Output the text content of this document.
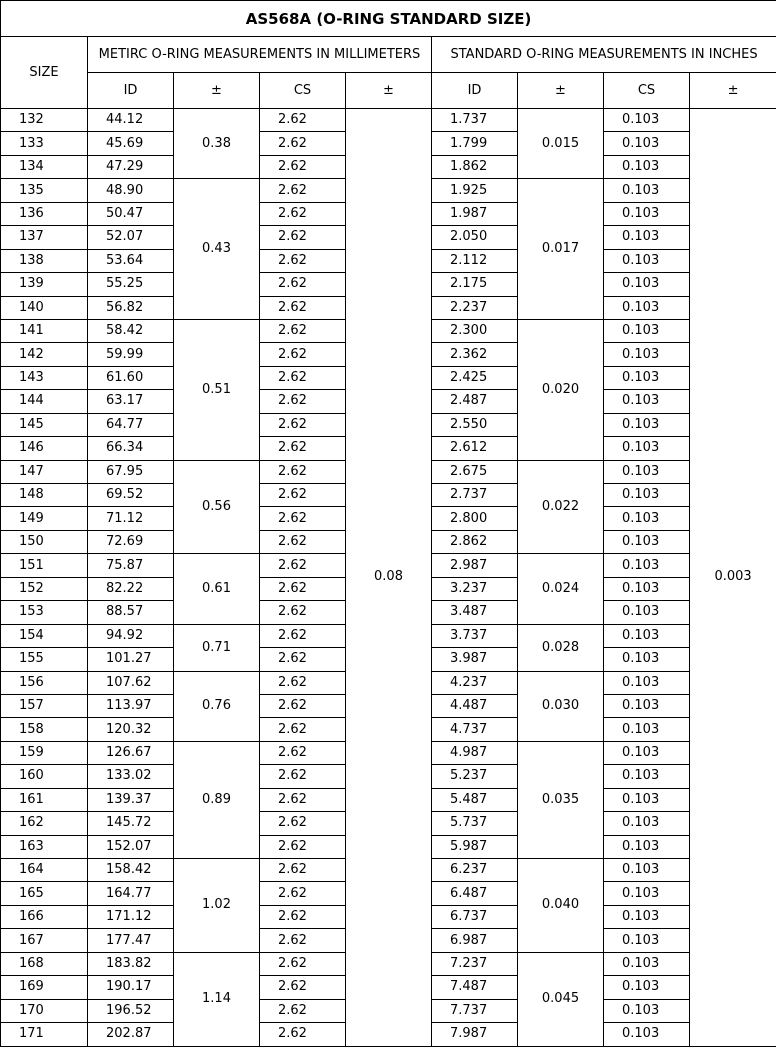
AS568A (O-RING STANDARD SIZE)								
SIZE	METIRC O-RING MEASUREMENTS IN MILLIMETERS				STANDARD O-RING MEASUREMENTS IN INCHES			
	ID	±	CS	±	ID	±	CS	±
132	44.12	0.38	2.62	0.08	1.737	0.015	0.103	0.003
133	45.69		2.62		1.799		0.103	
134	47.29		2.62		1.862		0.103	
135	48.90	0.43	2.62		1.925	0.017	0.103	
136	50.47		2.62		1.987		0.103	
137	52.07		2.62		2.050		0.103	
138	53.64		2.62		2.112		0.103	
139	55.25		2.62		2.175		0.103	
140	56.82		2.62		2.237		0.103	
141	58.42	0.51	2.62		2.300	0.020	0.103	
142	59.99		2.62		2.362		0.103	
143	61.60		2.62		2.425		0.103	
144	63.17		2.62		2.487		0.103	
145	64.77		2.62		2.550		0.103	
146	66.34		2.62		2.612		0.103	
147	67.95	0.56	2.62		2.675	0.022	0.103	
148	69.52		2.62		2.737		0.103	
149	71.12		2.62		2.800		0.103	
150	72.69		2.62		2.862		0.103	
151	75.87	0.61	2.62		2.987	0.024	0.103	
152	82.22		2.62		3.237		0.103	
153	88.57		2.62		3.487		0.103	
154	94.92	0.71	2.62		3.737	0.028	0.103	
155	101.27		2.62		3.987		0.103	
156	107.62	0.76	2.62		4.237	0.030	0.103	
157	113.97		2.62		4.487		0.103	
158	120.32		2.62		4.737		0.103	
159	126.67	0.89	2.62		4.987	0.035	0.103	
160	133.02		2.62		5.237		0.103	
161	139.37		2.62		5.487		0.103	
162	145.72		2.62		5.737		0.103	
163	152.07		2.62		5.987		0.103	
164	158.42	1.02	2.62		6.237	0.040	0.103	
165	164.77		2.62		6.487		0.103	
166	171.12		2.62		6.737		0.103	
167	177.47		2.62		6.987		0.103	
168	183.82	1.14	2.62		7.237	0.045	0.103	
169	190.17		2.62		7.487		0.103	
170	196.52		2.62		7.737		0.103	
171	202.87		2.62		7.987		0.103	
